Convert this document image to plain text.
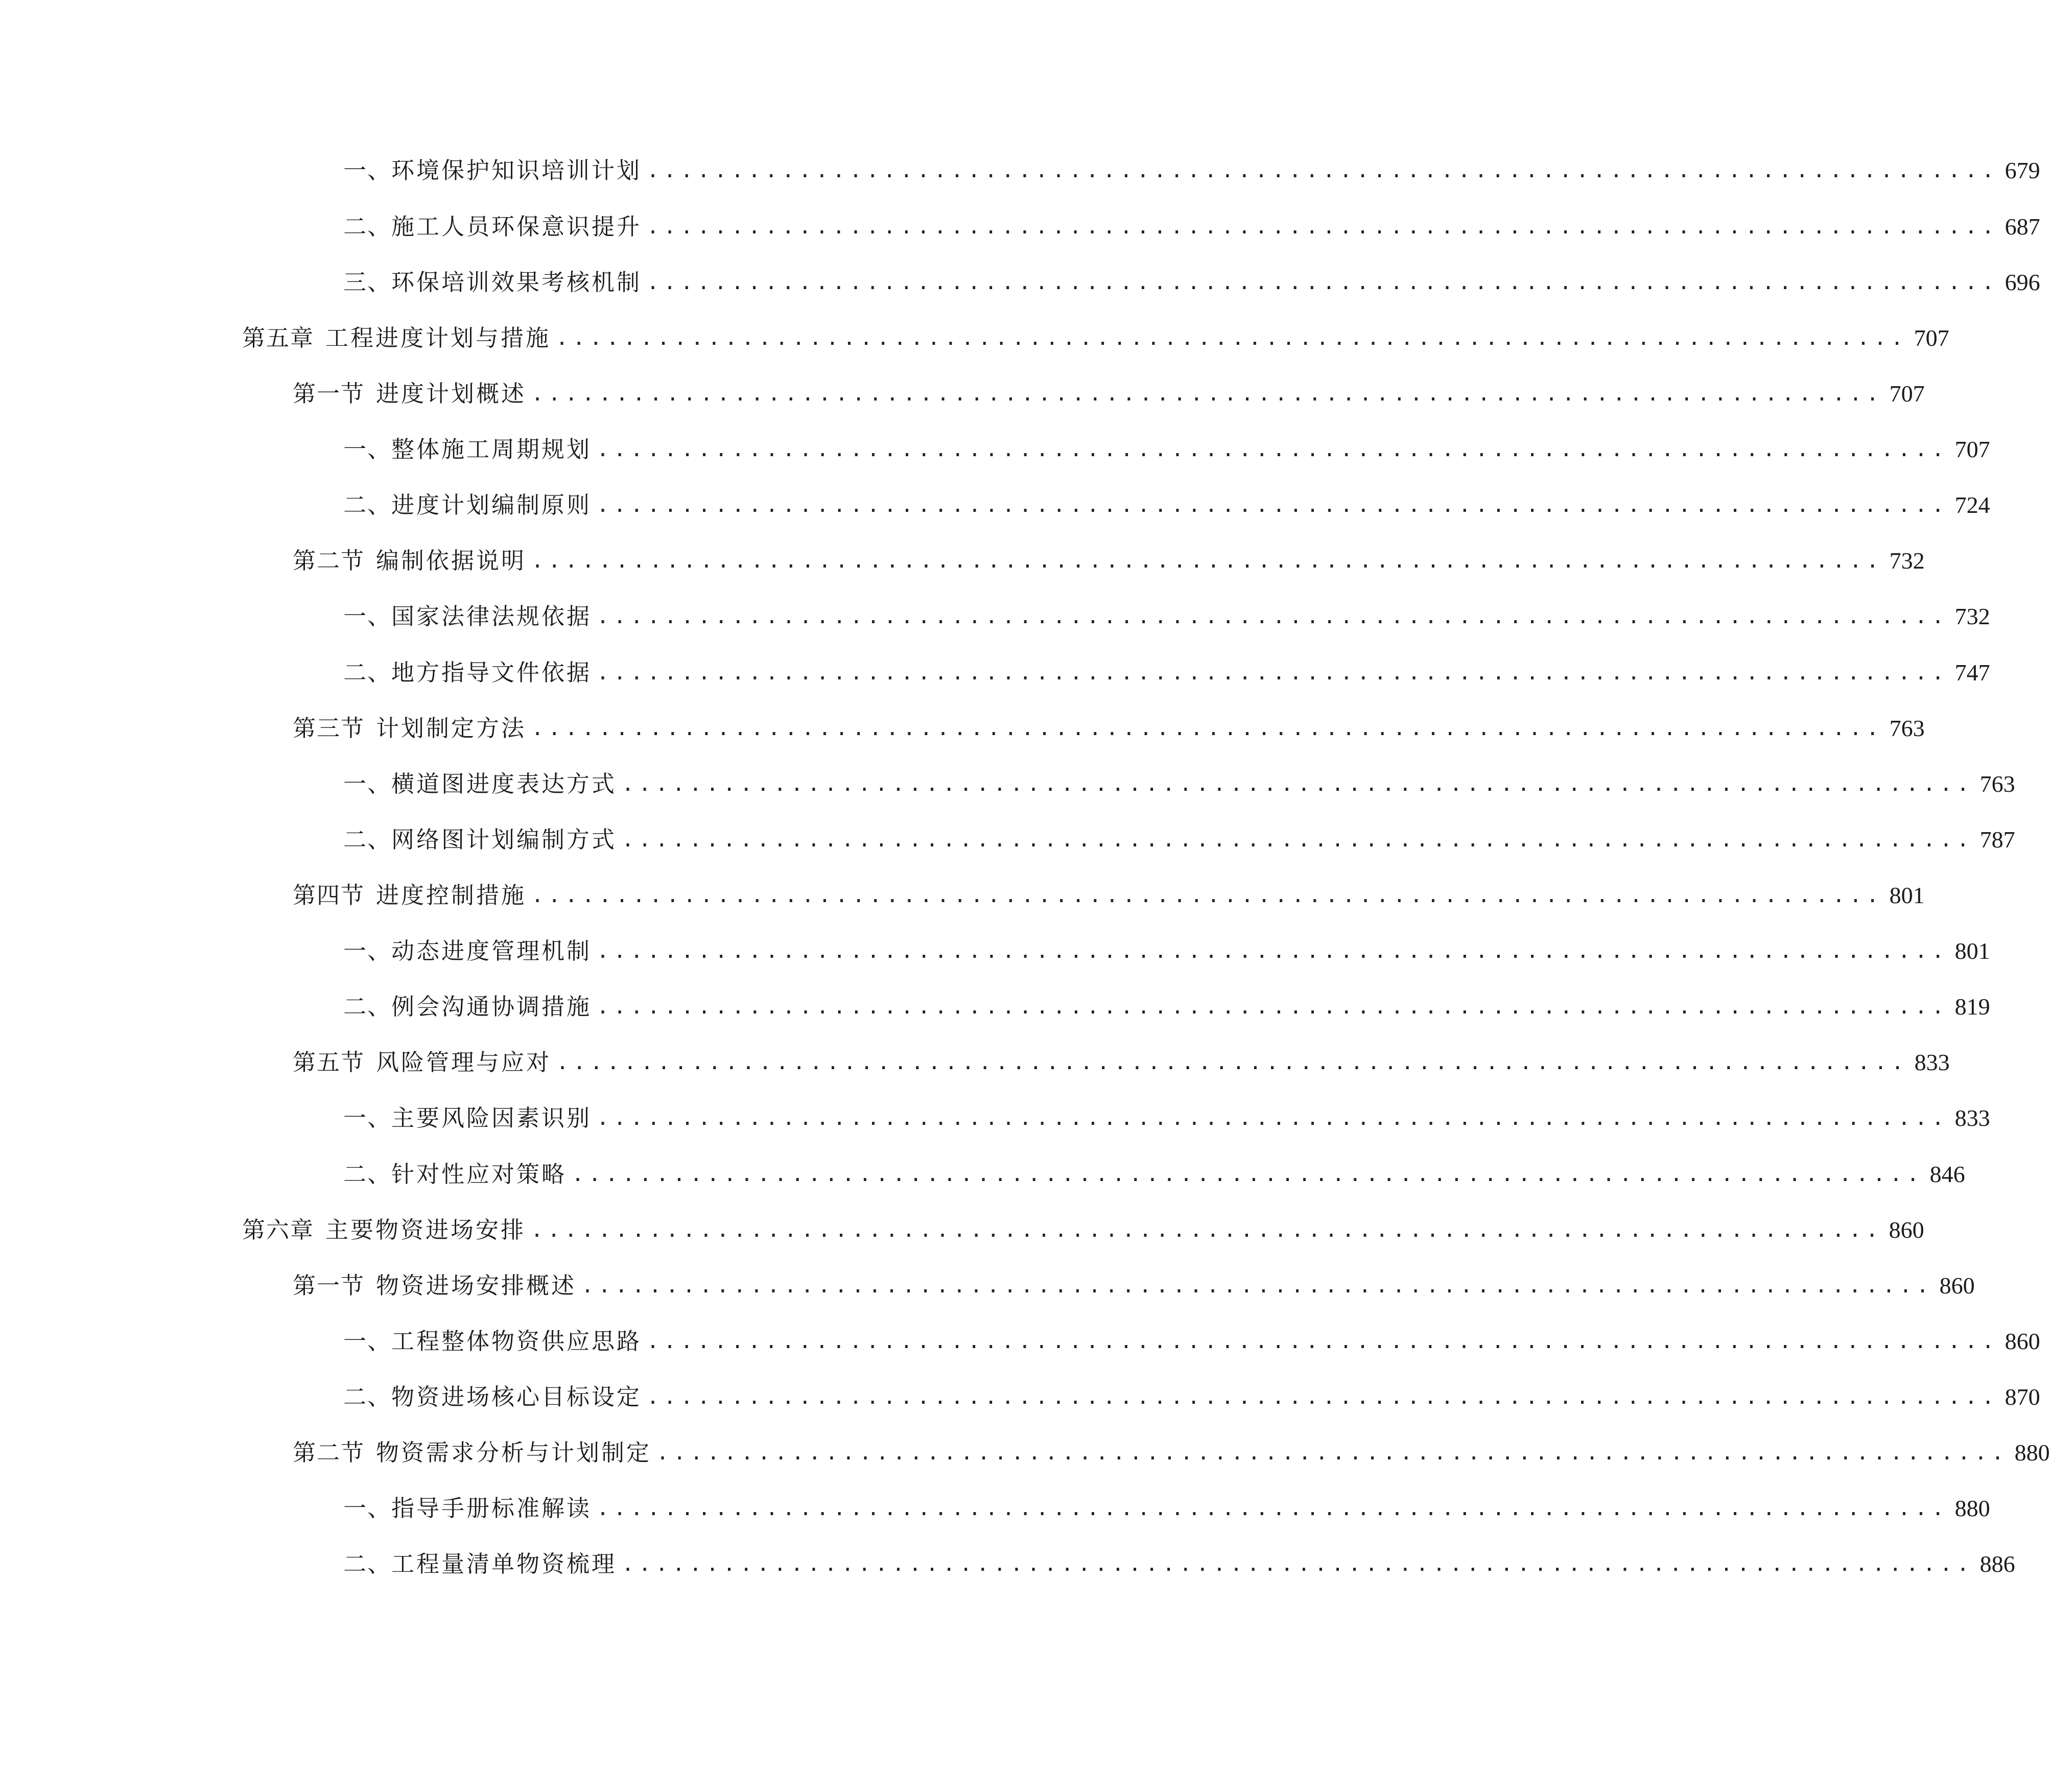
一、 环境保护知识培训计划 ................................................................................ 679
二、 施工人员环保意识提升 ................................................................................ 687
三、 环保培训效果考核机制 ................................................................................ 696
第五章 工程进度计划与措施 ................................................................................ 707
第一节 进度计划概述 ................................................................................ 707
一、 整体施工周期规划 ................................................................................ 707
二、 进度计划编制原则 ................................................................................ 724
第二节 编制依据说明 ................................................................................ 732
一、 国家法律法规依据 ................................................................................ 732
二、 地方指导文件依据 ................................................................................ 747
第三节 计划制定方法 ................................................................................ 763
一、 横道图进度表达方式 ................................................................................ 763
二、 网络图计划编制方式 ................................................................................ 787
第四节 进度控制措施 ................................................................................ 801
一、 动态进度管理机制 ................................................................................ 801
二、 例会沟通协调措施 ................................................................................ 819
第五节 风险管理与应对 ................................................................................ 833
一、 主要风险因素识别 ................................................................................ 833
二、 针对性应对策略 ................................................................................ 846
第六章 主要物资进场安排 ................................................................................ 860
第一节 物资进场安排概述 ................................................................................ 860
一、 工程整体物资供应思路 ................................................................................ 860
二、 物资进场核心目标设定 ................................................................................ 870
第二节 物资需求分析与计划制定 ................................................................................ 880
一、 指导手册标准解读 ................................................................................ 880
二、 工程量清单物资梳理 ................................................................................ 886
